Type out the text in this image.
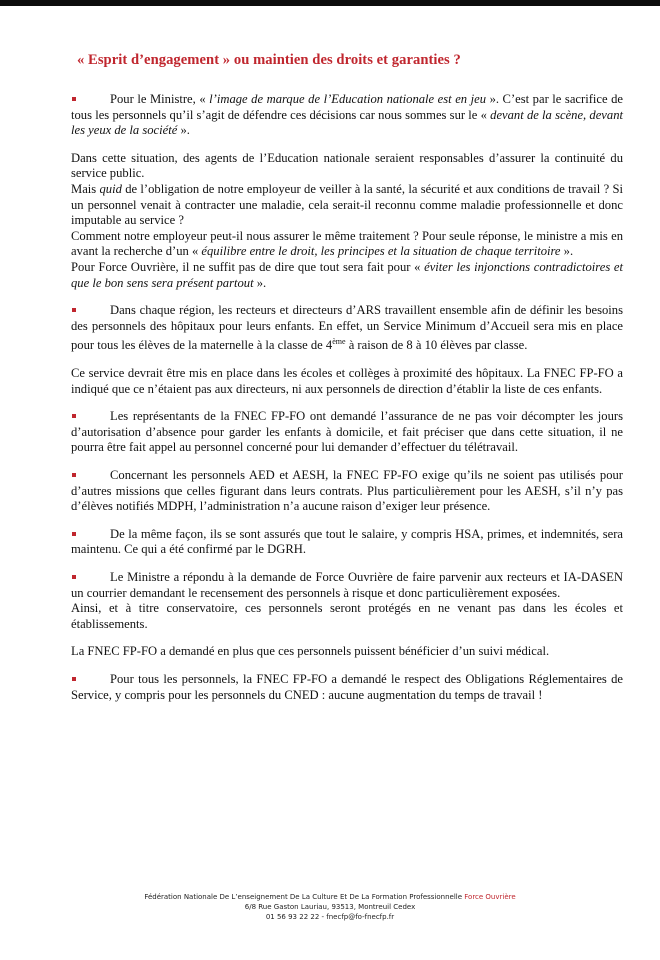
« Esprit d’engagement » ou maintien des droits et garanties ?

Pour le Ministre, « l’image de marque de l’Education nationale est en jeu ». C’est par le sacrifice de tous les personnels qu’il s’agit de défendre ces décisions car nous sommes sur le « devant de la scène, devant les yeux de la société ».

Dans cette situation, des agents de l’Education nationale seraient responsables d’assurer la continuité du service public.
Mais quid de l’obligation de notre employeur de veiller à la santé, la sécurité et aux conditions de travail ? Si un personnel venait à contracter une maladie, cela serait-il reconnu comme maladie professionnelle et donc imputable au service ?
Comment notre employeur peut-il nous assurer le même traitement ? Pour seule réponse, le ministre a mis en avant la recherche d’un « équilibre entre le droit, les principes et la situation de chaque territoire ».
Pour Force Ouvrière, il ne suffit pas de dire que tout sera fait pour « éviter les injonctions contradictoires et que le bon sens sera présent partout ».

Dans chaque région, les recteurs et directeurs d’ARS travaillent ensemble afin de définir les besoins des personnels des hôpitaux pour leurs enfants. En effet, un Service Minimum d’Accueil sera mis en place pour tous les élèves de la maternelle à la classe de 4ème à raison de 8 à 10 élèves par classe.

Ce service devrait être mis en place dans les écoles et collèges à proximité des hôpitaux. La FNEC FP-FO a indiqué que ce n’étaient pas aux directeurs, ni aux personnels de direction d’établir la liste de ces enfants.

Les représentants de la FNEC FP-FO ont demandé l’assurance de ne pas voir décompter les jours d’autorisation d’absence pour garder les enfants à domicile, et fait préciser que dans cette situation, il ne pourra être fait appel au personnel concerné pour lui demander d’effectuer du télétravail.

Concernant les personnels AED et AESH, la FNEC FP-FO exige qu’ils ne soient pas utilisés pour d’autres missions que celles figurant dans leurs contrats. Plus particulièrement pour les AESH, s’il n’y pas d’élèves notifiés MDPH, l’administration n’a aucune raison d’exiger leur présence.

De la même façon, ils se sont assurés que tout le salaire, y compris HSA, primes, et indemnités, sera maintenu. Ce qui a été confirmé par le DGRH.

Le Ministre a répondu à la demande de Force Ouvrière de faire parvenir aux recteurs et IA-DASEN un courrier demandant le recensement des personnels à risque et donc particulièrement exposées.
Ainsi, et à titre conservatoire, ces personnels seront protégés en ne venant pas dans les écoles et établissements.

La FNEC FP-FO a demandé en plus que ces personnels puissent bénéficier d’un suivi médical.

Pour tous les personnels, la FNEC FP-FO a demandé le respect des Obligations Réglementaires de Service, y compris pour les personnels du CNED : aucune augmentation du temps de travail !

Fédération Nationale De L’enseignement De La Culture Et De La Formation Professionnelle Force Ouvrière
6/8 Rue Gaston Lauriau, 93513, Montreuil Cedex
01 56 93 22 22 - fnecfp@fo-fnecfp.fr
